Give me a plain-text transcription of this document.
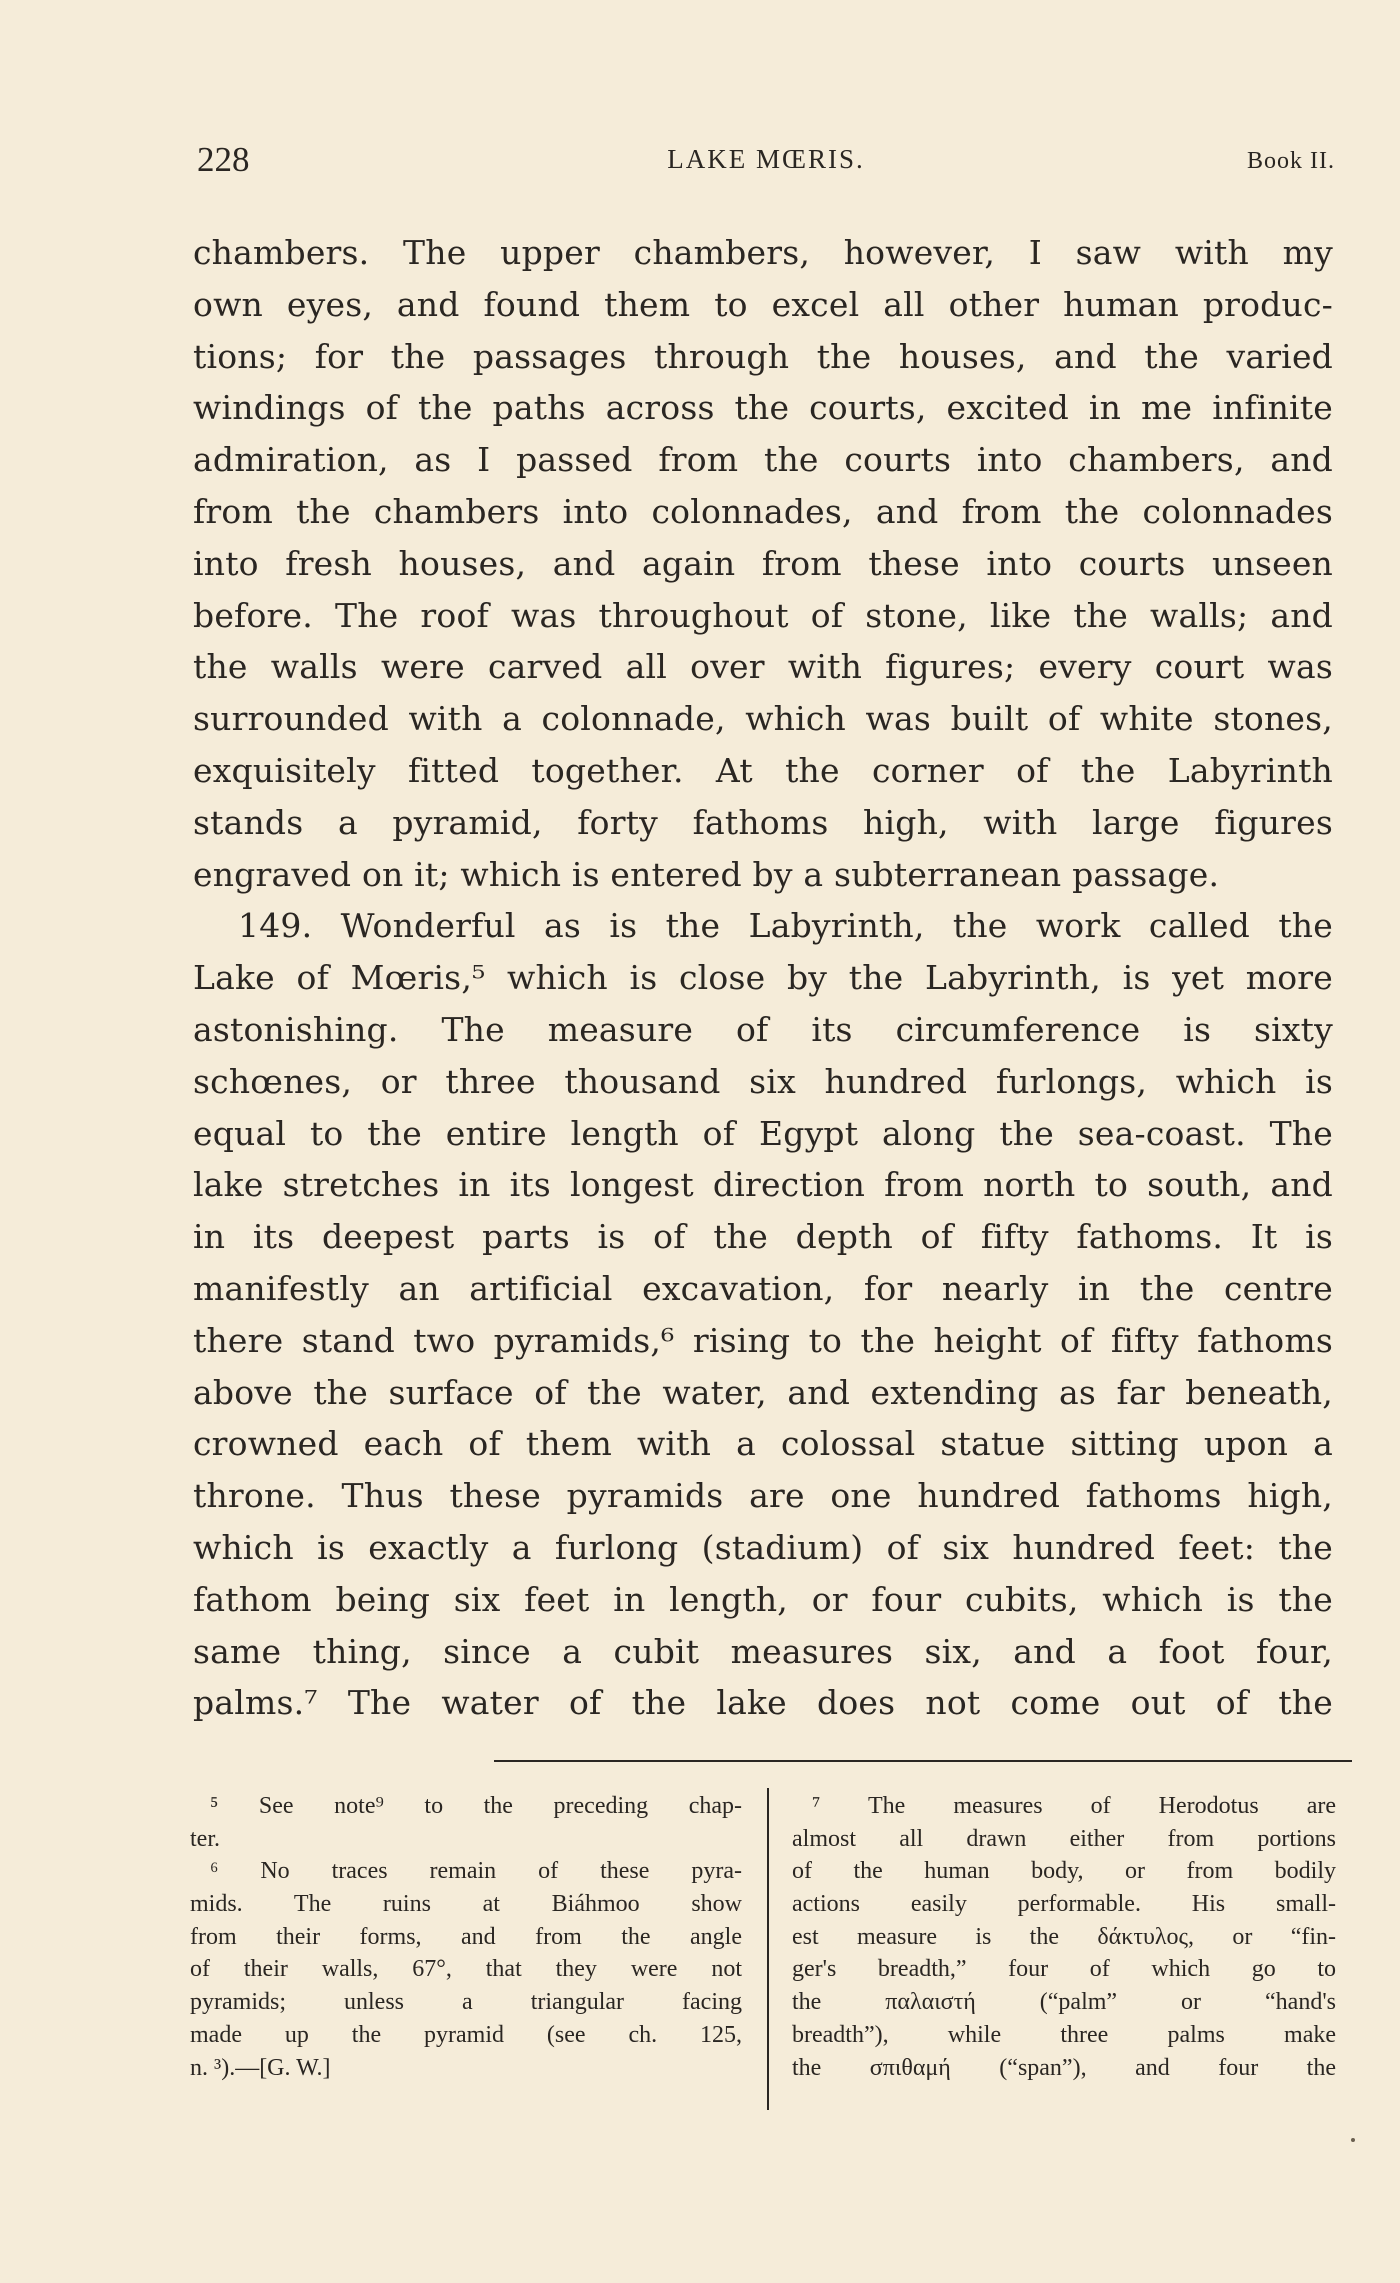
228	LAKE MŒRIS.	Book II.
chambers. The upper chambers, however, I saw with my
own eyes, and found them to excel all other human produc-
tions; for the passages through the houses, and the varied
windings of the paths across the courts, excited in me infinite
admiration, as I passed from the courts into chambers, and
from the chambers into colonnades, and from the colonnades
into fresh houses, and again from these into courts unseen
before. The roof was throughout of stone, like the walls; and
the walls were carved all over with figures; every court was
surrounded with a colonnade, which was built of white stones,
exquisitely fitted together. At the corner of the Labyrinth
stands a pyramid, forty fathoms high, with large figures
engraved on it; which is entered by a subterranean passage.
149. Wonderful as is the Labyrinth, the work called the
Lake of Mœris,⁵ which is close by the Labyrinth, is yet more
astonishing. The measure of its circumference is sixty
schœnes, or three thousand six hundred furlongs, which is
equal to the entire length of Egypt along the sea-coast. The
lake stretches in its longest direction from north to south, and
in its deepest parts is of the depth of fifty fathoms. It is
manifestly an artificial excavation, for nearly in the centre
there stand two pyramids,⁶ rising to the height of fifty fathoms
above the surface of the water, and extending as far beneath,
crowned each of them with a colossal statue sitting upon a
throne. Thus these pyramids are one hundred fathoms high,
which is exactly a furlong (stadium) of six hundred feet: the
fathom being six feet in length, or four cubits, which is the
same thing, since a cubit measures six, and a foot four,
palms.⁷ The water of the lake does not come out of the
⁵ See note⁹ to the preceding chap-
ter.
⁶ No traces remain of these pyra-
mids. The ruins at Biáhmoo show
from their forms, and from the angle
of their walls, 67°, that they were not
pyramids; unless a triangular facing
made up the pyramid (see ch. 125,
n. ³).—[G. W.]
⁷ The measures of Herodotus are
almost all drawn either from portions
of the human body, or from bodily
actions easily performable. His small-
est measure is the δάκτυλος, or “fin-
ger's breadth,” four of which go to
the παλαιστή (“palm” or “hand's
breadth”), while three palms make
the σπιθαμή (“span”), and four the
